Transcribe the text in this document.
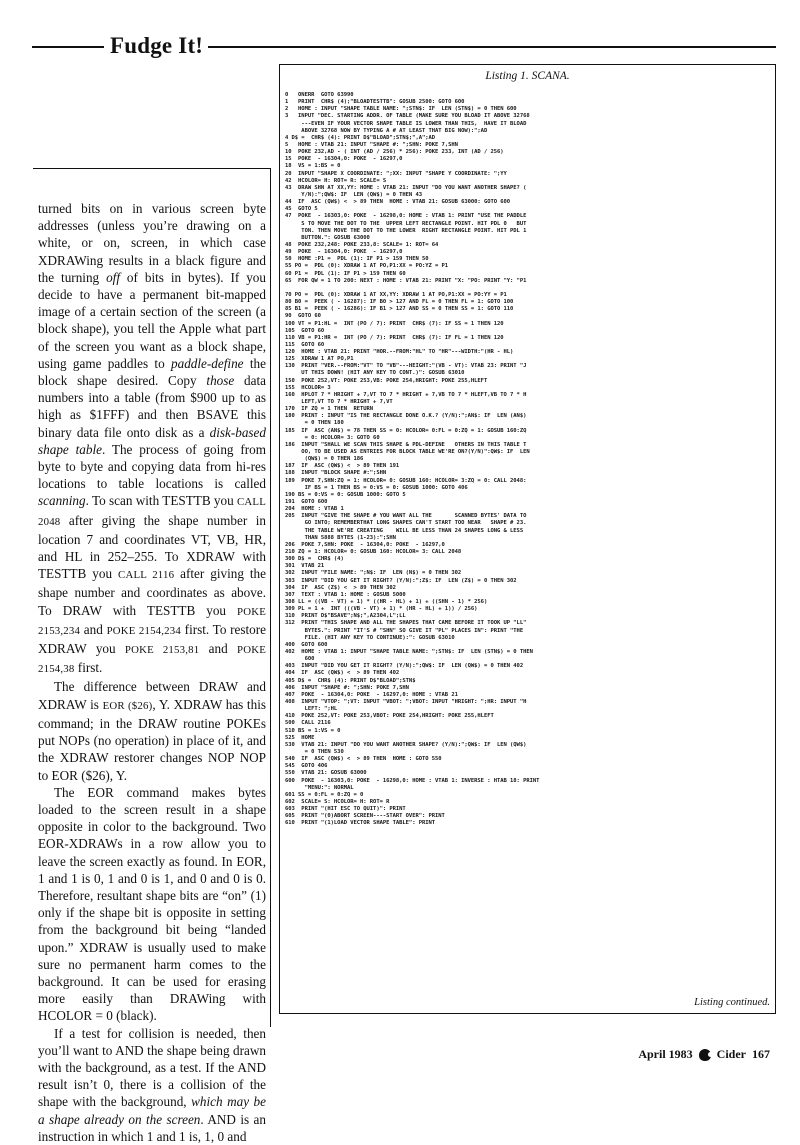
Fudge It!

turned bits on in various screen byte addresses (unless you’re drawing on a white, or on, screen, in which case XDRAWing results in a black figure and the turning off of bits in bytes). If you decide to have a permanent bit-mapped image of a certain section of the screen (a block shape), you tell the Apple what part of the screen you want as a block shape, using game paddles to paddle-define the block shape desired. Copy those data numbers into a table (from $900 up to as high as $1FFF) and then BSAVE this binary data file onto disk as a disk-based shape table. The process of going from byte to byte and copying data from hi-res locations to table locations is called scanning. To scan with TESTTB you CALL 2048 after giving the shape number in location 7 and coordinates VT, VB, HR, and HL in 252–255. To XDRAW with TESTTB you CALL 2116 after giving the shape number and coordinates as above. To DRAW with TESTTB you POKE 2153,234 and POKE 2154,234 first. To restore XDRAW you POKE 2153,81 and POKE 2154,38 first.

The difference between DRAW and XDRAW is EOR ($26), Y. XDRAW has this command; in the DRAW routine POKEs put NOPs (no operation) in place of it, and the XDRAW restorer changes NOP NOP to EOR ($26), Y.

The EOR command makes bytes loaded to the screen result in a shape opposite in color to the background. Two EOR-XDRAWs in a row allow you to leave the screen exactly as found. In EOR, 1 and 1 is 0, 1 and 0 is 1, and 0 and 0 is 0. Therefore, resultant shape bits are “on” (1) only if the shape bit is opposite in setting from the background bit being “landed upon.” XDRAW is usually used to make sure no permanent harm comes to the background. It can be used for erasing more easily than DRAWing with HCOLOR = 0 (black).

If a test for collision is needed, then you’ll want to AND the shape being drawn with the background, as a test. If the AND result isn’t 0, there is a collision of the shape with the background, which may be a shape already on the screen. AND is an instruction in which 1 and 1 is, 1, 0 and

Listing 1. SCANA.
0   ONERR  GOTO 63990
1   PRINT  CHR$ (4);"BLOADTESTTB": GOSUB 2500: GOTO 600
2   HOME : INPUT "SHAPE TABLE NAME: ";STN$: IF  LEN (STN$) = 0 THEN 600
3   INPUT "DEC. STARTING ADDR. OF TABLE (MAKE SURE YOU BLOAD IT ABOVE 32768
---EVEN IF YOUR VECTOR SHAPE TABLE IS LOWER THAN THIS,  HAVE IT BLOAD
ABOVE 32768 NOW BY TYPING A # AT LEAST THAT BIG NOW):";AD
4 D$ =  CHR$ (4): PRINT D$"BLOAD";STN$;",A";AD
5   HOME : VTAB 21: INPUT "SHAPE #: ";SHN: POKE 7,SHN
10  POKE 232,AD - ( INT (AD / 256) * 256): POKE 233, INT (AD / 256)
15  POKE  - 16304,0: POKE  - 16297,0
18  VS = 1:BS = 0
20  INPUT "SHAPE X COORDINATE: ";XX: INPUT "SHAPE Y COORDINATE: ";YY
42  HCOLOR= H: ROT= R: SCALE= S
43  DRAW SHN AT XX,YY: HOME : VTAB 21: INPUT "DO YOU WANT ANOTHER SHAPE? (
Y/N):";QW$: IF  LEN (QW$) = 0 THEN 43
44  IF  ASC (QW$) <  > 89 THEN  HOME : VTAB 21: GOSUB 63000: GOTO 600
45  GOTO 5
47  POKE  - 16303,0: POKE  - 16298,0: HOME : VTAB 1: PRINT "USE THE PADDLE
S TO MOVE THE DOT TO THE  UPPER LEFT RECTANGLE POINT. HIT PDL 0   BUT
TON. THEN MOVE THE DOT TO THE LOWER  RIGHT RECTANGLE POINT. HIT PDL 1
BUTTON.": GOSUB 63000
48  POKE 232,248: POKE 233,8: SCALE= 1: ROT= 64
49  POKE  - 16304,0: POKE  - 16297,0
50  HOME :P1 =  PDL (1): IF P1 > 159 THEN 50
55 PO =  PDL (0): XDRAW 1 AT PO,P1:XX = PO:YZ = P1
60 P1 =  PDL (1): IF P1 > 159 THEN 60
65  FOR QW = 1 TO 200: NEXT : HOME : VTAB 21: PRINT "X: "PO: PRINT "Y: "P1

70 PO =  PDL (0): XDRAW 1 AT XX,YY: XDRAW 1 AT PO,P1:XX = PO:YY = P1
80 B0 =  PEEK ( - 16287): IF B0 > 127 AND FL = 0 THEN FL = 1: GOTO 100
85 B1 =  PEEK ( - 16286): IF B1 > 127 AND SS = 0 THEN SS = 1: GOTO 110
90  GOTO 60
100 VT = P1:HL =  INT (PO / 7): PRINT  CHR$ (7): IF SS = 1 THEN 120
105  GOTO 60
110 VB = P1:HR =  INT (PO / 7): PRINT  CHR$ (7): IF FL = 1 THEN 120
115  GOTO 60
120  HOME : VTAB 21: PRINT "HOR.--FROM:"HL" TO "HR"---WIDTH:"(HR - HL)
125  XDRAW 1 AT PO,P1
130  PRINT "VER.--FROM:"VT" TO "VB"---HEIGHT:"(VB - VT): VTAB 23: PRINT "J
UT THIS DOWN! (HIT ANY KEY TO CONT.)": GOSUB 63010
150  POKE 252,VT: POKE 253,VB: POKE 254,HRIGHT: POKE 255,HLEFT
155  HCOLOR= 3
160  HPLOT 7 * HRIGHT + 7,VT TO 7 * HRIGHT + 7,VB TO 7 * HLEFT,VB TO 7 * H
LEFT,VT TO 7 * HRIGHT + 7,VT
170  IF ZQ = 1 THEN  RETURN
180  PRINT : INPUT "IS THE RECTANGLE DONE O.K.? (Y/N):";AN$: IF  LEN (AN$)
= 0 THEN 180
185  IF  ASC (AN$) = 78 THEN SS = 0: HCOLOR= 0:FL = 0:ZQ = 1: GOSUB 160:ZQ
= 0: HCOLOR= 3: GOTO 60
186  INPUT "SHALL WE SCAN THIS SHAPE & PDL-DEFINE   OTHERS IN THIS TABLE T
OO, TO BE USED AS ENTRIES FOR BLOCK TABLE WE'RE ON?(Y/N)":QW$: IF  LEN
(QW$) = 0 THEN 186
187  IF  ASC (QW$) <  > 89 THEN 191
188  INPUT "BLOCK SHAPE #:";SHN
189  POKE 7,SHN:ZQ = 1: HCOLOR= 0: GOSUB 160: HCOLOR= 3:ZQ = 0: CALL 2048:
IF BS = 1 THEN BS = 0:VS = 0: GOSUB 1000: GOTO 406
190 BS = 0:VS = 0: GOSUB 1000: GOTO 5
191  GOTO 600
204  HOME : VTAB 1
205  INPUT "GIVE THE SHAPE # YOU WANT ALL THE       SCANNED BYTES' DATA TO
GO INTO; REMEMBERTHAT LONG SHAPES CAN'T START TOO NEAR   SHAPE # 23.
THE TABLE WE'RE CREATING    WILL BE LESS THAN 24 SHAPES LONG & LESS
THAN 5888 BYTES (1-23):";SHN
206  POKE 7,SHN: POKE  - 16304,0: POKE  - 16297,0
210 ZQ = 1: HCOLOR= 0: GOSUB 160: HCOLOR= 3: CALL 2048
300 D$ =  CHR$ (4)
301  VTAB 21
302  INPUT "FILE NAME: ";N$: IF  LEN (N$) = 0 THEN 302
303  INPUT "DID YOU GET IT RIGHT? (Y/N):";Z$: IF  LEN (Z$) = 0 THEN 302
304  IF  ASC (Z$) <  > 89 THEN 302
307  TEXT : VTAB 1: HOME : GOSUB 5000
308 LL = ((VB - VT) + 1) * ((HR - HL) + 1) + ((SHN - 1) * 256)
309 PL = 1 +  INT (((VB - VT) + 1) * (HR - HL) + 1)) / 256)
310  PRINT D$"BSAVE";N$;",A2304,L";LL
312  PRINT "THIS SHAPE AND ALL THE SHAPES THAT CAME BEFORE IT TOOK UP "LL"
BYTES.": PRINT "IT'S # "SHN" SO GIVE IT "PL" PLACES IN": PRINT "THE
FILE. (HIT ANY KEY TO CONTINUE):": GOSUB 63010
400  GOTO 600
402  HOME : VTAB 1: INPUT "SHAPE TABLE NAME: ";STN$: IF  LEN (STN$) = 0 THEN
600
403  INPUT "DID YOU GET IT RIGHT? (Y/N):";QW$: IF  LEN (QW$) = 0 THEN 402
404  IF  ASC (QW$) <  > 89 THEN 402
405 D$ =  CHR$ (4): PRINT D$"BLOAD";STN$
406  INPUT "SHAPE #: ";SHN: POKE 7,SHN
407  POKE  - 16304,0: POKE  - 16297,0: HOME : VTAB 21
408  INPUT "VTOP: ";VT: INPUT "VBOT: ";VBOT: INPUT "HRIGHT: ";HR: INPUT "H
LEFT: ";HL
410  POKE 252,VT: POKE 253,VBOT: POKE 254,HRIGHT: POKE 255,HLEFT
500  CALL 2116
510 BS = 1:VS = 0
525  HOME
530  VTAB 21: INPUT "DO YOU WANT ANOTHER SHAPE? (Y/N):";QW$: IF  LEN (QW$)
= 0 THEN 530
540  IF  ASC (QW$) <  > 89 THEN  HOME : GOTO 550
545  GOTO 406
550  VTAB 21: GOSUB 63000
600  POKE  - 16303,0: POKE  - 16298,0: HOME : VTAB 1: INVERSE : HTAB 18: PRINT
"MENU:": NORMAL
601 SS = 0:FL = 0:ZQ = 0
602  SCALE= S: HCOLOR= H: ROT= R
603  PRINT "(HIT ESC TO QUIT)": PRINT
605  PRINT "(0)ABORT SCREEN----START OVER": PRINT
610  PRINT "(1)LOAD VECTOR SHAPE TABLE": PRINT
Listing continued.
April 1983 Cider 167
